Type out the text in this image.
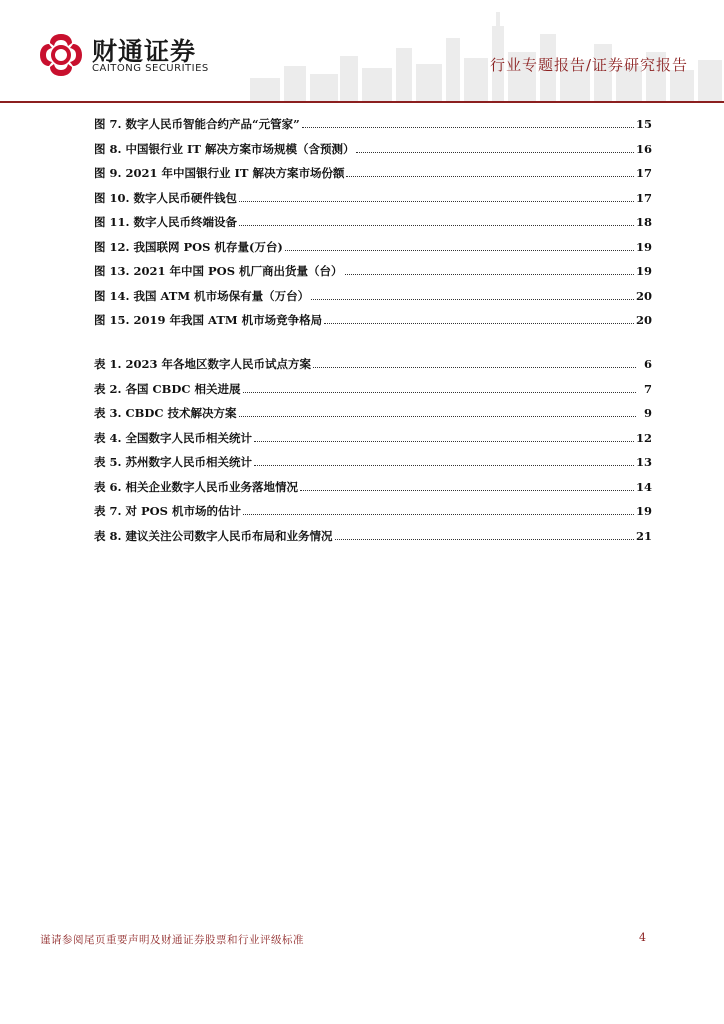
财通证券
CAITONG SECURITIES	行业专题报告/证券研究报告
图 7. 数字人民币智能合约产品“元管家”	15
图 8. 中国银行业 IT 解决方案市场规模（含预测）	16
图 9. 2021 年中国银行业 IT 解决方案市场份额	17
图 10. 数字人民币硬件钱包	17
图 11. 数字人民币终端设备	18
图 12. 我国联网 POS 机存量(万台)	19
图 13. 2021 年中国 POS 机厂商出货量（台）	19
图 14. 我国 ATM 机市场保有量（万台）	20
图 15. 2019 年我国 ATM 机市场竞争格局	20
表 1. 2023 年各地区数字人民币试点方案	6
表 2. 各国 CBDC 相关进展	7
表 3. CBDC 技术解决方案	9
表 4. 全国数字人民币相关统计	12
表 5. 苏州数字人民币相关统计	13
表 6. 相关企业数字人民币业务落地情况	14
表 7. 对 POS 机市场的估计	19
表 8. 建议关注公司数字人民币布局和业务情况	21
谨请参阅尾页重要声明及财通证券股票和行业评级标准	4
